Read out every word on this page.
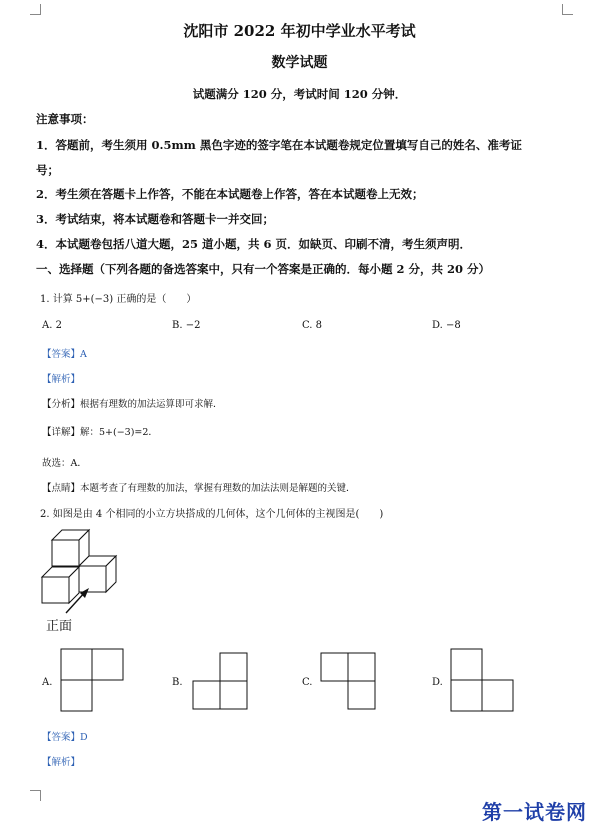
沈阳市 2022 年初中学业水平考试
数学试题
试题满分 120 分，考试时间 120 分钟．
注意事项：
1．答题前，考生须用 0.5mm 黑色字迹的签字笔在本试题卷规定位置填写自己的姓名、准考证
号；
2．考生须在答题卡上作答，不能在本试题卷上作答，答在本试题卷上无效；
3．考试结束，将本试题卷和答题卡一并交回；
4．本试题卷包括八道大题，25 道小题，共 6 页．如缺页、印刷不清，考生须声明．
一、选择题（下列各题的备选答案中，只有一个答案是正确的．每小题 2 分，共 20 分）
1. 计算 5+(−3) 正确的是（　　）
A. 2	B. −2	C. 8	D. −8
【答案】A
【解析】
【分析】根据有理数的加法运算即可求解．
【详解】解：5+(−3)=2．
故选：A．
【点睛】本题考查了有理数的加法，掌握有理数的加法法则是解题的关键．
2. 如图是由 4 个相同的小立方块搭成的几何体，这个几何体的主视图是(　　)
正面
A.	B.	C.	D.
【答案】D
【解析】
第一试卷网
